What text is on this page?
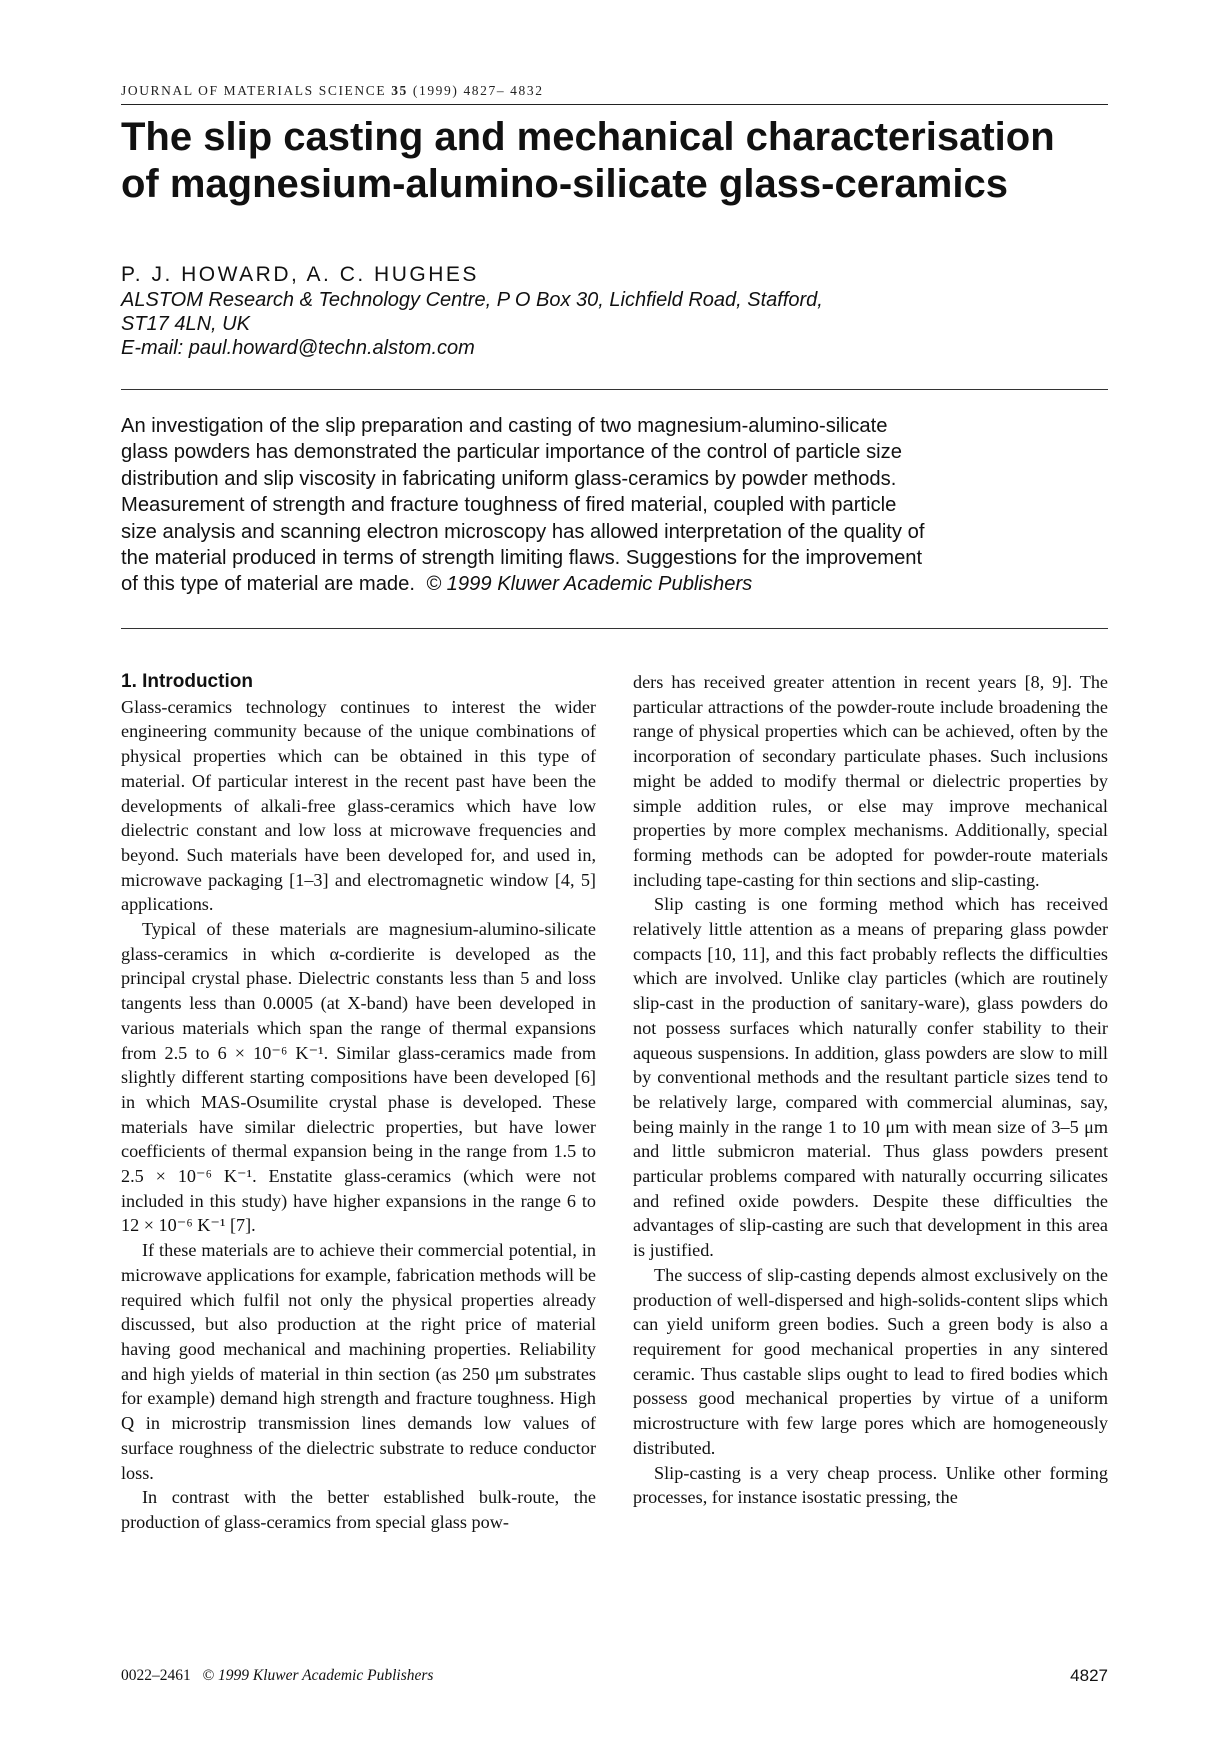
JOURNAL OF MATERIALS SCIENCE 35 (1999) 4827– 4832
The slip casting and mechanical characterisation
of magnesium-alumino-silicate glass-ceramics
P. J. HOWARD, A. C. HUGHES
ALSTOM Research & Technology Centre, P O Box 30, Lichfield Road, Stafford,
ST17 4LN, UK
E-mail: paul.howard@techn.alstom.com
An investigation of the slip preparation and casting of two magnesium-alumino-silicate
glass powders has demonstrated the particular importance of the control of particle size
distribution and slip viscosity in fabricating uniform glass-ceramics by powder methods.
Measurement of strength and fracture toughness of fired material, coupled with particle
size analysis and scanning electron microscopy has allowed interpretation of the quality of
the material produced in terms of strength limiting flaws. Suggestions for the improvement
of this type of material are made. © 1999 Kluwer Academic Publishers
1. Introduction

Glass-ceramics technology continues to interest the wider engineering community because of the unique combinations of physical properties which can be obtained in this type of material. Of particular interest in the recent past have been the developments of alkali-free glass-ceramics which have low dielectric constant and low loss at microwave frequencies and beyond. Such materials have been developed for, and used in, microwave packaging [1–3] and electromagnetic window [4, 5] applications.

Typical of these materials are magnesium-alumino-silicate glass-ceramics in which α-cordierite is developed as the principal crystal phase. Dielectric constants less than 5 and loss tangents less than 0.0005 (at X-band) have been developed in various materials which span the range of thermal expansions from 2.5 to 6 × 10⁻⁶ K⁻¹. Similar glass-ceramics made from slightly different starting compositions have been developed [6] in which MAS-Osumilite crystal phase is developed. These materials have similar dielectric properties, but have lower coefficients of thermal expansion being in the range from 1.5 to 2.5 × 10⁻⁶ K⁻¹. Enstatite glass-ceramics (which were not included in this study) have higher expansions in the range 6 to 12 × 10⁻⁶ K⁻¹ [7].

If these materials are to achieve their commercial potential, in microwave applications for example, fabrication methods will be required which fulfil not only the physical properties already discussed, but also production at the right price of material having good mechanical and machining properties. Reliability and high yields of material in thin section (as 250 μm substrates for example) demand high strength and fracture toughness. High Q in microstrip transmission lines demands low values of surface roughness of the dielectric substrate to reduce conductor loss.

In contrast with the better established bulk-route, the production of glass-ceramics from special glass pow-

ders has received greater attention in recent years [8, 9]. The particular attractions of the powder-route include broadening the range of physical properties which can be achieved, often by the incorporation of secondary particulate phases. Such inclusions might be added to modify thermal or dielectric properties by simple addition rules, or else may improve mechanical properties by more complex mechanisms. Additionally, special forming methods can be adopted for powder-route materials including tape-casting for thin sections and slip-casting.

Slip casting is one forming method which has received relatively little attention as a means of preparing glass powder compacts [10, 11], and this fact probably reflects the difficulties which are involved. Unlike clay particles (which are routinely slip-cast in the production of sanitary-ware), glass powders do not possess surfaces which naturally confer stability to their aqueous suspensions. In addition, glass powders are slow to mill by conventional methods and the resultant particle sizes tend to be relatively large, compared with commercial aluminas, say, being mainly in the range 1 to 10 μm with mean size of 3–5 μm and little submicron material. Thus glass powders present particular problems compared with naturally occurring silicates and refined oxide powders. Despite these difficulties the advantages of slip-casting are such that development in this area is justified.

The success of slip-casting depends almost exclusively on the production of well-dispersed and high-solids-content slips which can yield uniform green bodies. Such a green body is also a requirement for good mechanical properties in any sintered ceramic. Thus castable slips ought to lead to fired bodies which possess good mechanical properties by virtue of a uniform microstructure with few large pores which are homogeneously distributed.

Slip-casting is a very cheap process. Unlike other forming processes, for instance isostatic pressing, the

0022–2461 © 1999 Kluwer Academic Publishers	4827
